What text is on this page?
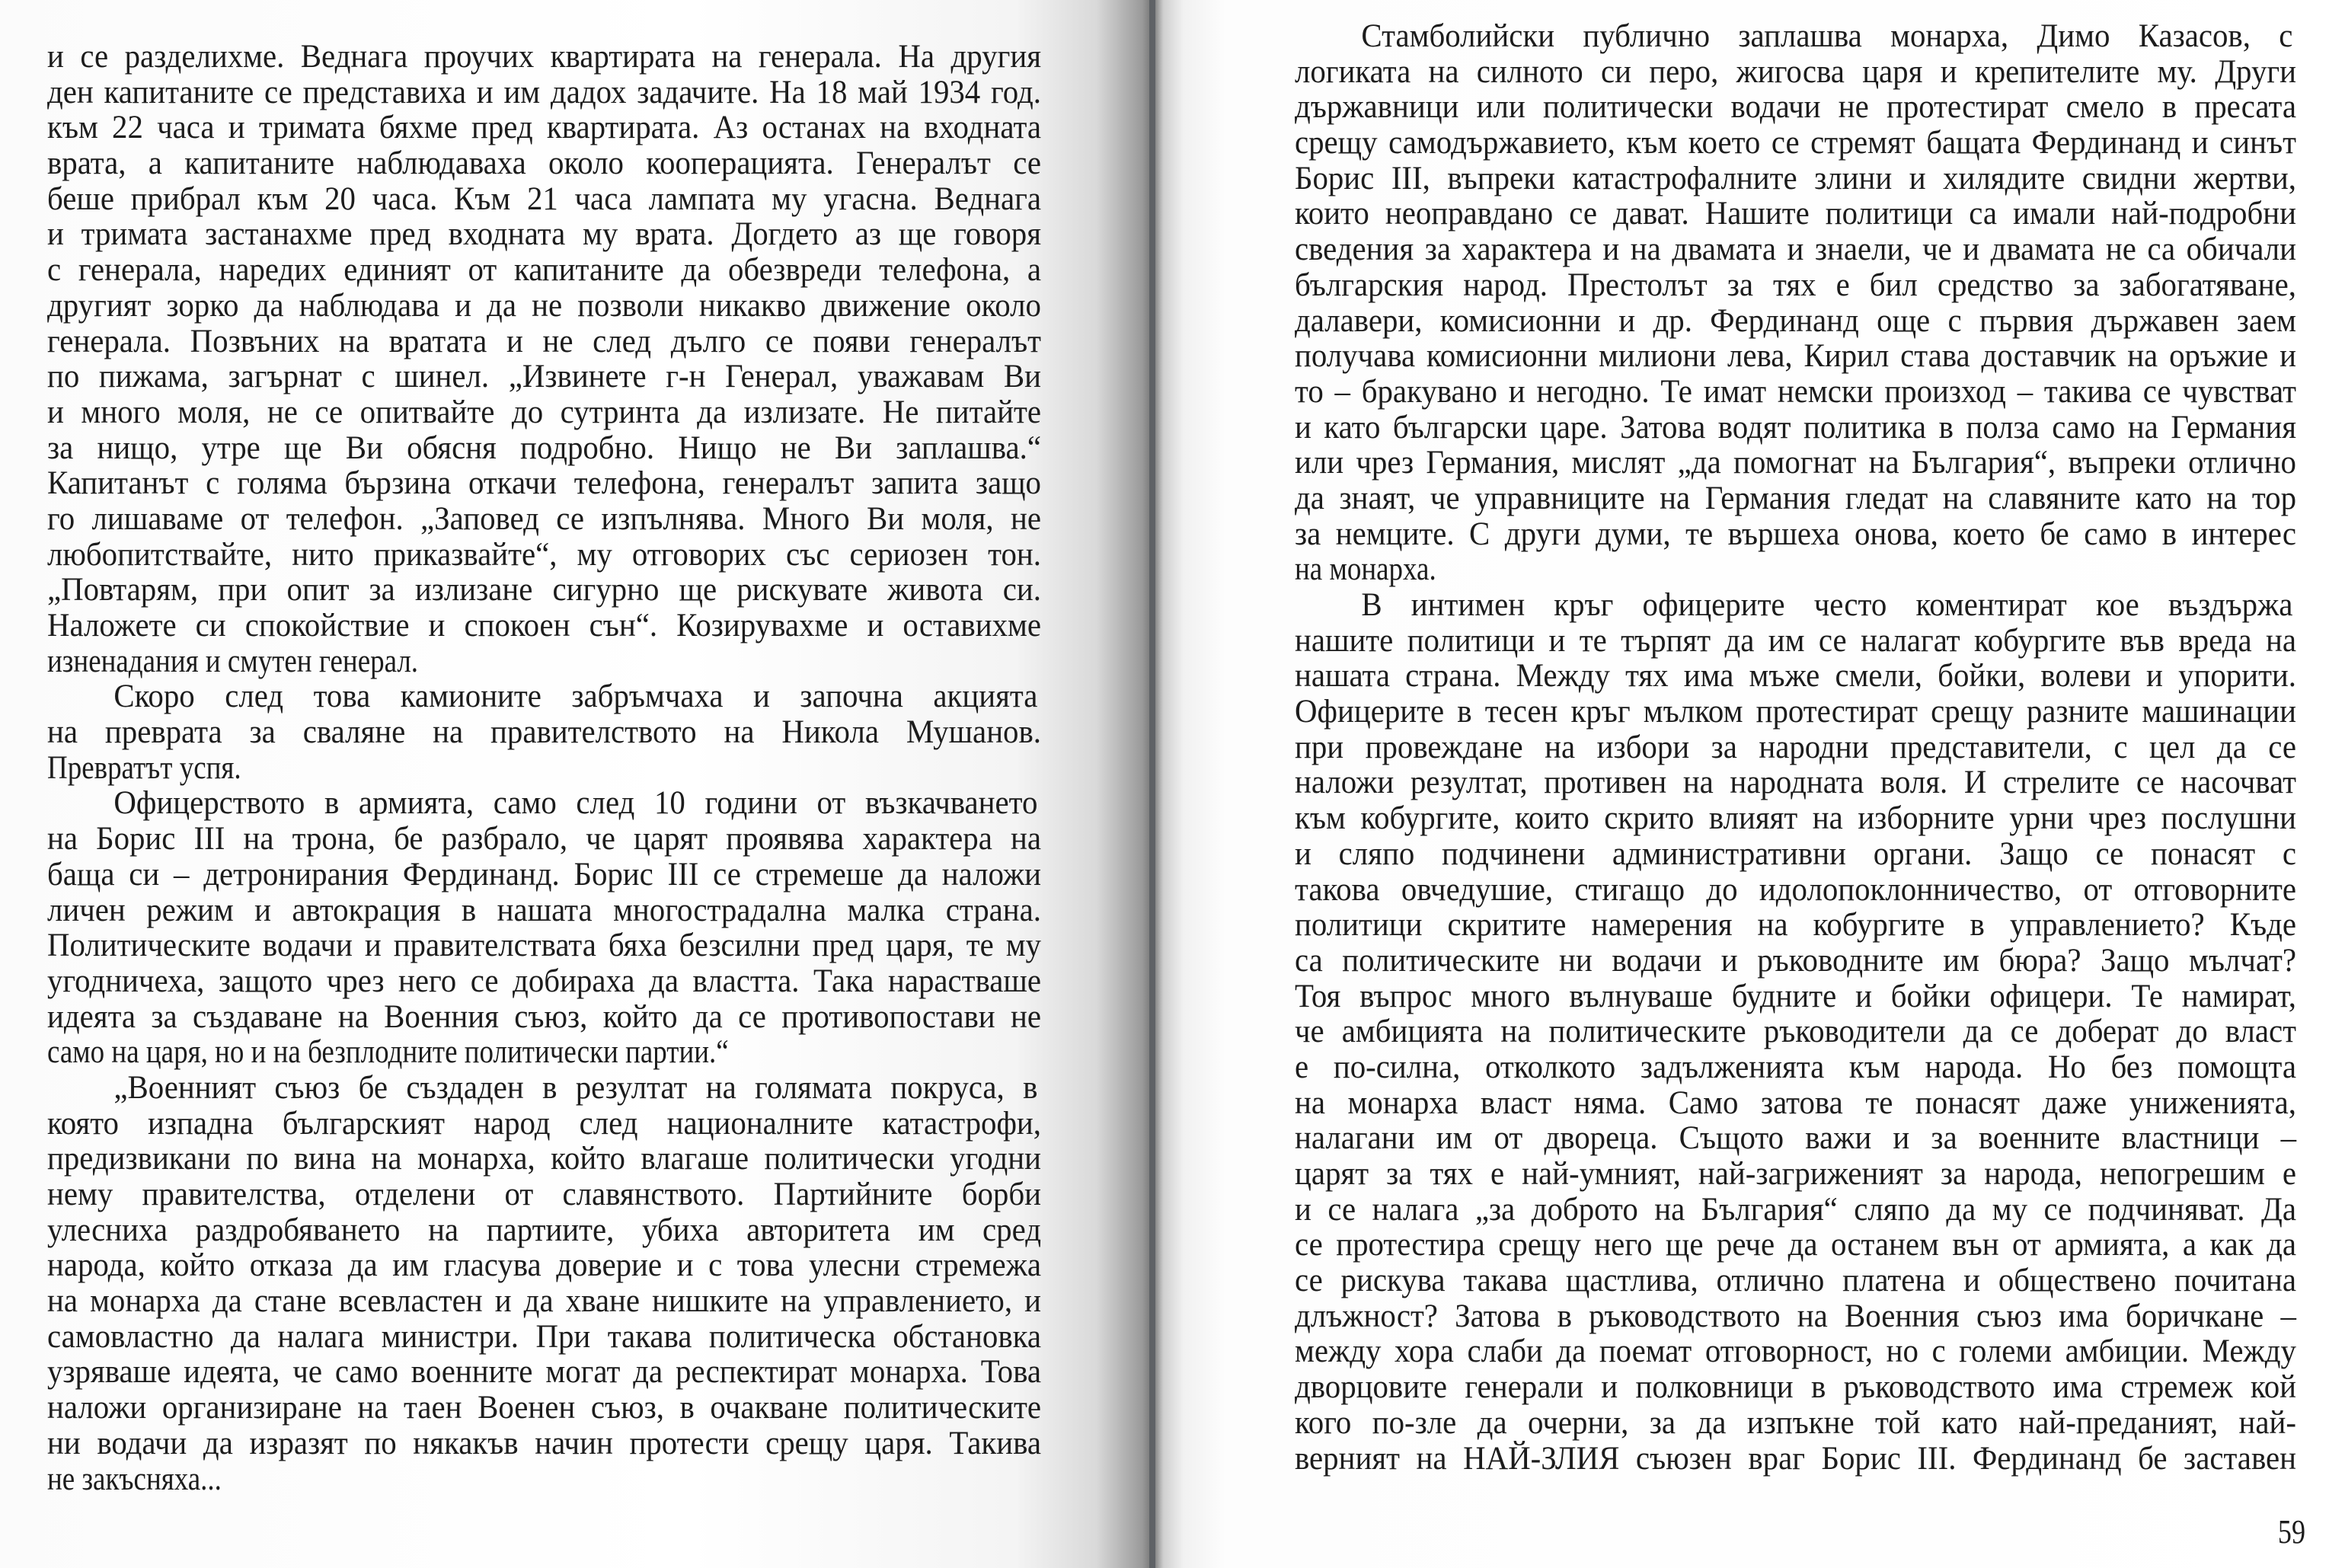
и се разделихме. Веднага проучих квартирата на генерала. На другия
ден капитаните се представиха и им дадох задачите. На 18 май 1934 год.
към 22 часа и тримата бяхме пред квартирата. Аз останах на входната
врата, а капитаните наблюдаваха около кооперацията. Генералът се
беше прибрал към 20 часа. Към 21 часа лампата му угасна. Веднага
и тримата застанахме пред входната му врата. Догдето аз ще говоря
с генерала, наредих единият от капитаните да обезвреди телефона, а
другият зорко да наблюдава и да не позволи никакво движение около
генерала. Позвъних на вратата и не след дълго се появи генералът
по пижама, загърнат с шинел. „Извинете г-н Генерал, уважавам Ви
и много моля, не се опитвайте до сутринта да излизате. Не питайте
за нищо, утре ще Ви обясня подробно. Нищо не Ви заплашва.“
Капитанът с голяма бързина откачи телефона, генералът запита защо
го лишаваме от телефон. „Заповед се изпълнява. Много Ви моля, не
любопитствайте, нито приказвайте“, му отговорих със сериозен тон.
„Повтарям, при опит за излизане сигурно ще рискувате живота си.
Наложете си спокойствие и спокоен сън“. Козирувахме и оставихме
изненадания и смутен генерал.
Скоро след това камионите забръмчаха и започна акцията
на преврата за сваляне на правителството на Никола Мушанов.
Превратът успя.
Офицерството в армията, само след 10 години от възкачването
на Борис III на трона, бе разбрало, че царят проявява характера на
баща си – детронирания Фердинанд. Борис III се стремеше да наложи
личен режим и автокрация в нашата многострадална малка страна.
Политическите водачи и правителствата бяха безсилни пред царя, те му
угодничеха, защото чрез него се добираха да властта. Така нарастваше
идеята за създаване на Военния съюз, който да се противопостави не
само на царя, но и на безплодните политически партии.“
„Военният съюз бе създаден в резултат на голямата покруса, в
която изпадна българският народ след националните катастрофи,
предизвикани по вина на монарха, който влагаше политически угодни
нему правителства, отделени от славянството. Партийните борби
улесниха раздробяването на партиите, убиха авторитета им сред
народа, който отказа да им гласува доверие и с това улесни стремежа
на монарха да стане всевластен и да хване нишките на управлението, и
самовластно да налага министри. При такава политическа обстановка
узряваше идеята, че само военните могат да респектират монарха. Това
наложи организиране на таен Военен съюз, в очакване политическите
ни водачи да изразят по някакъв начин протести срещу царя. Такива
не закъсняха...
Стамболийски публично заплашва монарха, Димо Казасов, с
логиката на силното си перо, жигосва царя и крепителите му. Други
държавници или политически водачи не протестират смело в пресата
срещу самодържавието, към което се стремят бащата Фердинанд и синът
Борис III, въпреки катастрофалните злини и хилядите свидни жертви,
които неоправдано се дават. Нашите политици са имали най-подробни
сведения за характера и на двамата и знаели, че и двамата не са обичали
българския народ. Престолът за тях е бил средство за забогатяване,
далавери, комисионни и др. Фердинанд още с първия държавен заем
получава комисионни милиони лева, Кирил става доставчик на оръжие и
то – бракувано и негодно. Те имат немски произход – такива се чувстват
и като български царе. Затова водят политика в полза само на Германия
или чрез Германия, мислят „да помогнат на България“, въпреки отлично
да знаят, че управниците на Германия гледат на славяните като на тор
за немците. С други думи, те вършеха онова, което бе само в интерес
на монарха.
В интимен кръг офицерите често коментират кое въздържа
нашите политици и те търпят да им се налагат кобургите във вреда на
нашата страна. Между тях има мъже смели, бойки, волеви и упорити.
Офицерите в тесен кръг мълком протестират срещу разните машинации
при провеждане на избори за народни представители, с цел да се
наложи резултат, противен на народната воля. И стрелите се насочват
към кобургите, които скрито влияят на изборните урни чрез послушни
и сляпо подчинени административни органи. Защо се понасят с
такова овчедушие, стигащо до идолопоклонничество, от отговорните
политици скритите намерения на кобургите в управлението? Къде
са политическите ни водачи и ръководните им бюра? Защо мълчат?
Тоя въпрос много вълнуваше будните и бойки офицери. Те намират,
че амбицията на политическите ръководители да се доберат до власт
е по-силна, отколкото задълженията към народа. Но без помощта
на монарха власт няма. Само затова те понасят даже униженията,
налагани им от двореца. Същото важи и за военните властници –
царят за тях е най-умният, най-загриженият за народа, непогрешим е
и се налага „за доброто на България“ сляпо да му се подчиняват. Да
се протестира срещу него ще рече да останем вън от армията, а как да
се рискува такава щастлива, отлично платена и обществено почитана
длъжност? Затова в ръководството на Военния съюз има боричкане –
между хора слаби да поемат отговорност, но с големи амбиции. Между
дворцовите генерали и полковници в ръководството има стремеж кой
кого по-зле да очерни, за да изпъкне той като най-преданият, най-
верният на НАЙ-ЗЛИЯ съюзен враг Борис III. Фердинанд бе заставен
59
